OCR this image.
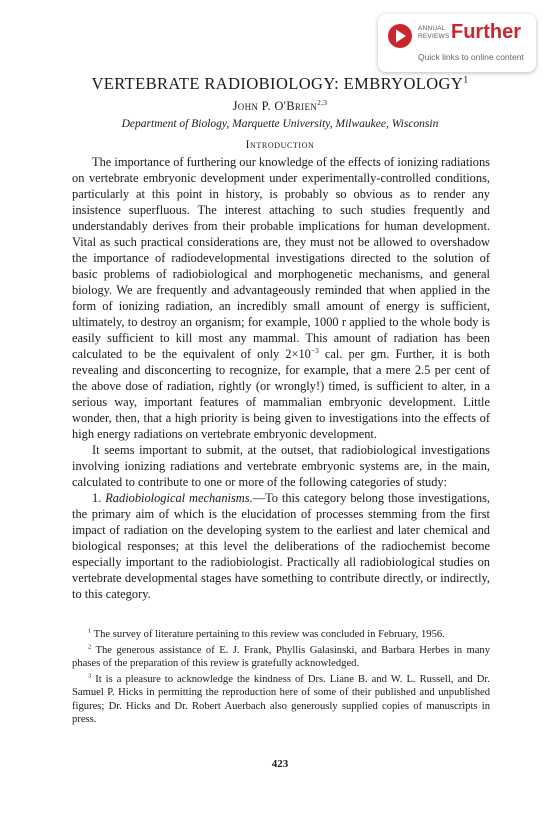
ANNUAL
REVIEWS Further
Quick links to online content
VERTEBRATE RADIOBIOLOGY: EMBRYOLOGY$^1$
John P. O'Brien$^{2,3}$
Department of Biology, Marquette University, Milwaukee, Wisconsin
Introduction

The importance of furthering our knowledge of the effects of ionizing radiations on vertebrate embryonic development under experimentally-controlled conditions, particularly at this point in history, is probably so obvious as to render any insistence superfluous. The interest attaching to such studies frequently and understandably derives from their probable implications for human development. Vital as such practical considerations are, they must not be allowed to overshadow the importance of radiodevelopmental investigations directed to the solution of basic problems of radiobiological and morphogenetic mechanisms, and general biology. We are frequently and advantageously reminded that when applied in the form of ionizing radiation, an incredibly small amount of energy is sufficient, ultimately, to destroy an organism; for example, 1000 r applied to the whole body is easily sufficient to kill most any mammal. This amount of radiation has been calculated to be the equivalent of only $2\times 10^{-3}$ cal. per gm. Further, it is both revealing and disconcerting to recognize, for example, that a mere 2.5 per cent of the above dose of radiation, rightly (or wrongly!) timed, is sufficient to alter, in a serious way, important features of mammalian embryonic development. Little wonder, then, that a high priority is being given to investigations into the effects of high energy radiations on vertebrate embryonic development.

It seems important to submit, at the outset, that radiobiological investigations involving ionizing radiations and vertebrate embryonic systems are, in the main, calculated to contribute to one or more of the following categories of study:

1. Radiobiological mechanisms.—To this category belong those investigations, the primary aim of which is the elucidation of processes stemming from the first impact of radiation on the developing system to the earliest and later chemical and biological responses; at this level the deliberations of the radiochemist become especially important to the radiobiologist. Practically all radiobiological studies on vertebrate developmental stages have something to contribute directly, or indirectly, to this category.

$^1$ The survey of literature pertaining to this review was concluded in February, 1956.

$^2$ The generous assistance of E. J. Frank, Phyllis Galasinski, and Barbara Herbes in many phases of the preparation of this review is gratefully acknowledged.

$^3$ It is a pleasure to acknowledge the kindness of Drs. Liane B. and W. L. Russell, and Dr. Samuel P. Hicks in permitting the reproduction here of some of their published and unpublished figures; Dr. Hicks and Dr. Robert Auerbach also generously supplied copies of manuscripts in press.

423
